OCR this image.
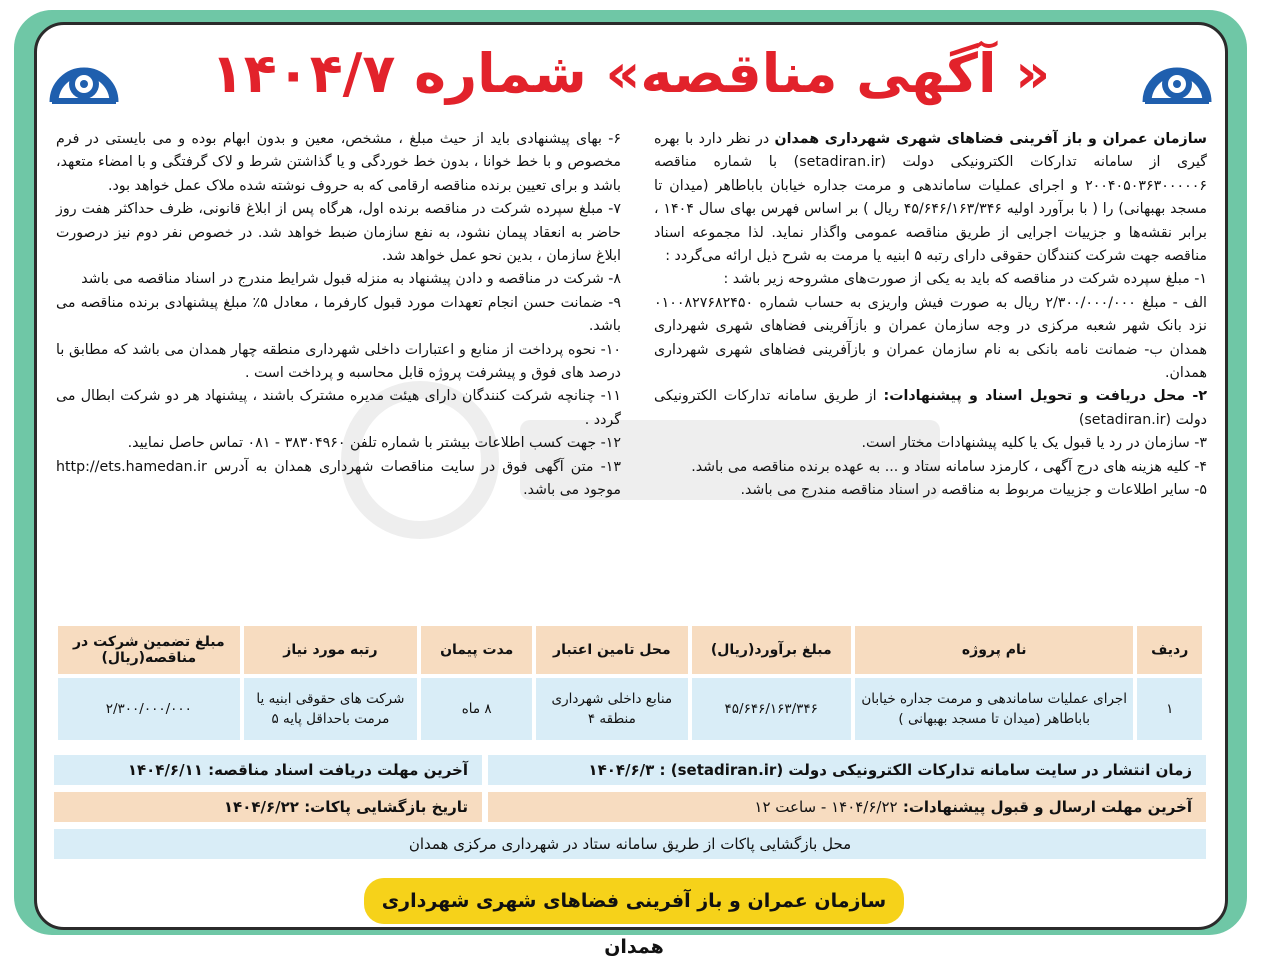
« آگهی مناقصه» شماره ۱۴۰۴/۷

سازمان عمران و باز آفرینی فضاهای شهری شهرداری همدان در نظر دارد با بهره گیری از سامانه تدارکات الکترونیکی دولت (setadiran.ir) با شماره مناقصه ۲۰۰۴۰۵۰۳۶۳۰۰۰۰۰۶ و اجرای عملیات ساماندهی و مرمت جداره خیابان باباطاهر (میدان تا مسجد بهبهانی) را ( با برآورد اولیه ۴۵/۶۴۶/۱۶۳/۳۴۶ ریال ) بر اساس فهرس بهای سال ۱۴۰۴ ، برابر نقشه‌ها و جزییات اجرایی از طریق مناقصه عمومی واگذار نماید. لذا مجموعه اسناد مناقصه جهت شرکت کنندگان حقوقی دارای رتبه ۵ ابنیه یا مرمت به شرح ذیل ارائه می‌گردد :

۱- مبلغ سپرده شرکت در مناقصه که باید به یکی از صورت‌های مشروحه زیر باشد :

الف - مبلغ ۲/۳۰۰/۰۰۰/۰۰۰ ریال به صورت فیش واریزی به حساب شماره ۰۱۰۰۸۲۷۶۸۲۴۵۰ نزد بانک شهر شعبه مرکزی در وجه سازمان عمران و بازآفرینی فضاهای شهری شهرداری همدان ب- ضمانت نامه بانکی به نام سازمان عمران و بازآفرینی فضاهای شهری شهرداری همدان.

۲- محل دریافت و تحویل اسناد و پیشنهادات: از طریق سامانه تدارکات الکترونیکی دولت (setadiran.ir)

۳- سازمان در رد یا قبول یک یا کلیه پیشنهادات مختار است.

۴- کلیه هزینه های درج آگهی ، کارمزد سامانه ستاد و ... به عهده برنده مناقصه می باشد.

۵- سایر اطلاعات و جزییات مربوط به مناقصه در اسناد مناقصه مندرج می باشد.

۶- بهای پیشنهادی باید از حیث مبلغ ، مشخص، معین و بدون ابهام بوده و می بایستی در فرم مخصوص و با خط خوانا ، بدون خط خوردگی و یا گذاشتن شرط و لاک گرفتگی و با امضاء متعهد، باشد و برای تعیین برنده مناقصه ارقامی که به حروف نوشته شده ملاک عمل خواهد بود.

۷- مبلغ سپرده شرکت در مناقصه برنده اول، هرگاه پس از ابلاغ قانونی، ظرف حداکثر هفت روز حاضر به انعقاد پیمان نشود، به نفع سازمان ضبط خواهد شد. در خصوص نفر دوم نیز درصورت ابلاغ سازمان ، بدین نحو عمل خواهد شد.

۸- شرکت در مناقصه و دادن پیشنهاد به منزله قبول شرایط مندرج در اسناد مناقصه می باشد

۹- ضمانت حسن انجام تعهدات مورد قبول کارفرما ، معادل ۵٪ مبلغ پیشنهادی برنده مناقصه می باشد.

۱۰- نحوه پرداخت از منابع و اعتبارات داخلی شهرداری منطقه چهار همدان می باشد که مطابق با درصد های فوق و پیشرفت پروژه قابل محاسبه و پرداخت است .

۱۱- چنانچه شرکت کنندگان دارای هیئت مدیره مشترک باشند ، پیشنهاد هر دو شرکت ابطال می گردد .

۱۲- جهت کسب اطلاعات بیشتر با شماره تلفن ۳۸۳۰۴۹۶۰ - ۰۸۱ تماس حاصل نمایید.

۱۳- متن آگهی فوق در سایت مناقصات شهرداری همدان به آدرس http://ets.hamedan.ir موجود می باشد.

ردیف	نام پروژه	مبلغ برآورد(ریال)	محل تامین اعتبار	مدت پیمان	رتبه مورد نیاز	مبلغ تضمین شرکت در مناقصه(ریال)
۱	اجرای عملیات ساماندهی و مرمت جداره خیابان باباطاهر (میدان تا مسجد بهبهانی )	۴۵/۶۴۶/۱۶۳/۳۴۶	منابع داخلی شهرداری منطقه ۴	۸ ماه	شرکت های حقوقی ابنیه یا مرمت باحداقل پایه ۵	۲/۳۰۰/۰۰۰/۰۰۰
زمان انتشار در سایت سامانه تدارکات الکترونیکی دولت (setadiran.ir) : ۱۴۰۴/۶/۳
آخرین مهلت دریافت اسناد مناقصه: ۱۴۰۴/۶/۱۱
آخرین مهلت ارسال و قبول پیشنهادات: ۱۴۰۴/۶/۲۲ - ساعت ۱۲
تاریخ بازگشایی پاکات: ۱۴۰۴/۶/۲۲
محل بازگشایی پاکات از طریق سامانه ستاد در شهرداری مرکزی همدان
سازمان عمران و باز آفرینی فضاهای شهری شهرداری همدان
